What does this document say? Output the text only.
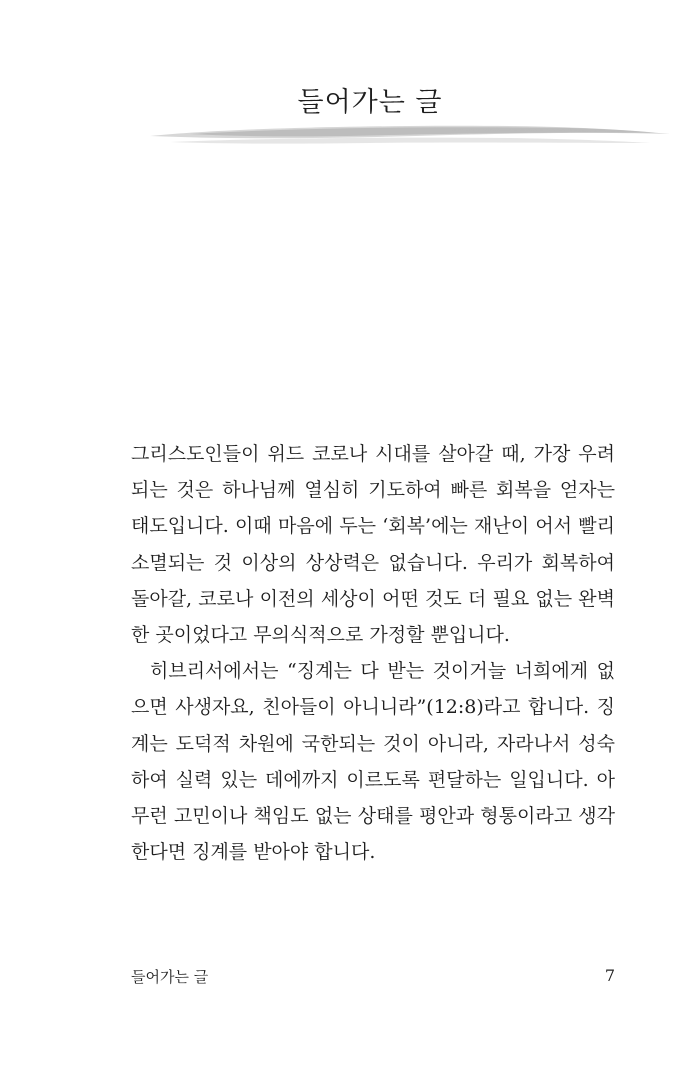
들어가는 글

그리스도인들이 위드 코로나 시대를 살아갈 때, 가장 우려되는 것은 하나님께 열심히 기도하여 빠른 회복을 얻자는 태도입니다. 이때 마음에 두는 ‘회복’에는 재난이 어서 빨리 소멸되는 것 이상의 상상력은 없습니다. 우리가 회복하여 돌아갈, 코로나 이전의 세상이 어떤 것도 더 필요 없는 완벽한 곳이었다고 무의식적으로 가정할 뿐입니다.

히브리서에서는 “징계는 다 받는 것이거늘 너희에게 없으면 사생자요, 친아들이 아니니라”(12:8)라고 합니다. 징계는 도덕적 차원에 국한되는 것이 아니라, 자라나서 성숙하여 실력 있는 데에까지 이르도록 편달하는 일입니다. 아무런 고민이나 책임도 없는 상태를 평안과 형통이라고 생각한다면 징계를 받아야 합니다.

들어가는 글	7
